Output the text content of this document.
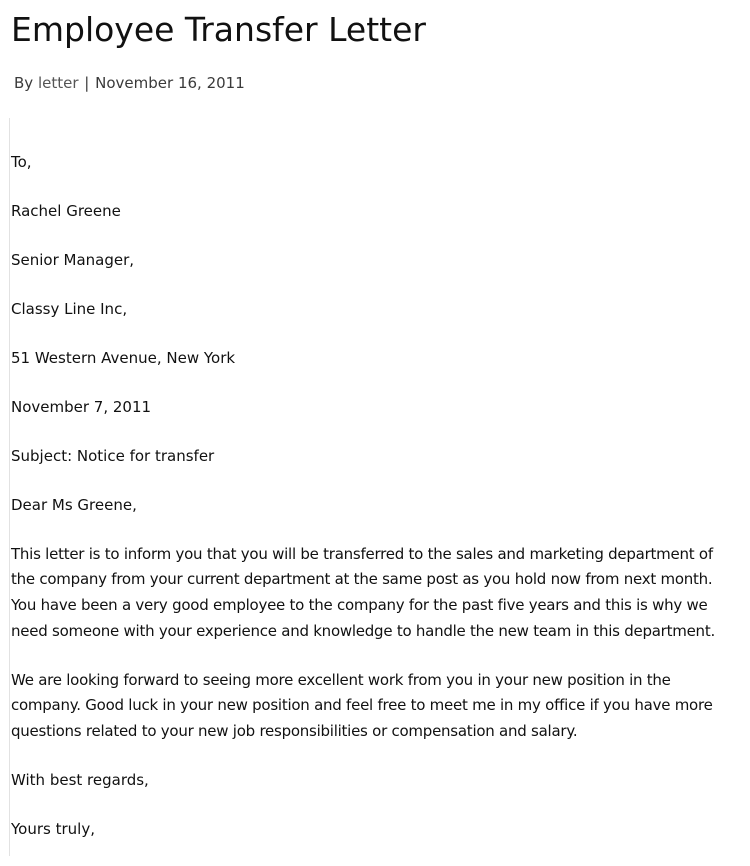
Employee Transfer Letter
By letter | November 16, 2011

To,

Rachel Greene

Senior Manager,

Classy Line Inc,

51 Western Avenue, New York

November 7, 2011

Subject: Notice for transfer

Dear Ms Greene,

This letter is to inform you that you will be transferred to the sales and marketing department of the company from your current department at the same post as you hold now from next month. You have been a very good employee to the company for the past five years and this is why we need someone with your experience and knowledge to handle the new team in this department.

We are looking forward to seeing more excellent work from you in your new position in the company. Good luck in your new position and feel free to meet me in my office if you have more questions related to your new job responsibilities or compensation and salary.

With best regards,

Yours truly,
